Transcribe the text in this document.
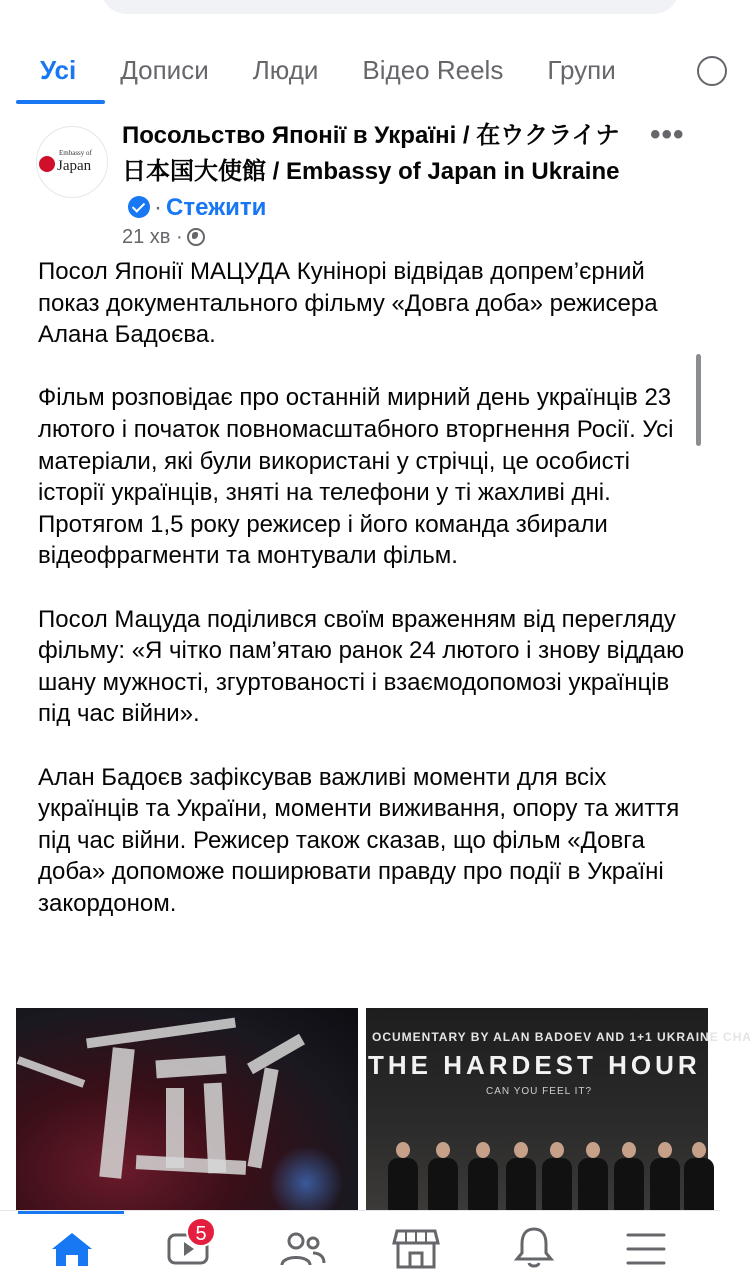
Усі	Дописи	Люди	Відео Reels	Групи
Embassy of
Japan
Посольство Японії в Україні / 在ウクライナ日本国大使館 / Embassy of Japan in Ukraine· Стежити
•••
21 хв ·

Посол Японії МАЦУДА Кунінорі відвідав допрем’єрний показ документального фільму «Довга доба» режисера Алана Бадоєва.

Фільм розповідає про останній мирний день українців 23 лютого і початок повномасштабного вторгнення Росії. Усі матеріали, які були використані у стрічці, це особисті історії українців, зняті на телефони у ті жахливі дні. Протягом 1,5 року режисер і його команда збирали відеофрагменти та монтували фільм.

Посол Мацуда поділився своїм враженням від перегляду фільму: «Я чітко пам’ятаю ранок 24 лютого і знову віддаю шану мужності, згуртованості і взаємодопомозі українців під час війни».

Алан Бадоєв зафіксував важливі моменти для всіх українців та України, моменти виживання, опору та життя під час війни. Режисер також сказав, що фільм «Довга доба» допоможе поширювати правду про події в Україні закордоном.

OCUMENTARY BY ALAN BADOEV AND 1+1 UKRAINE CHA
THE HARDEST HOUR
CAN YOU FEEL IT?
5
